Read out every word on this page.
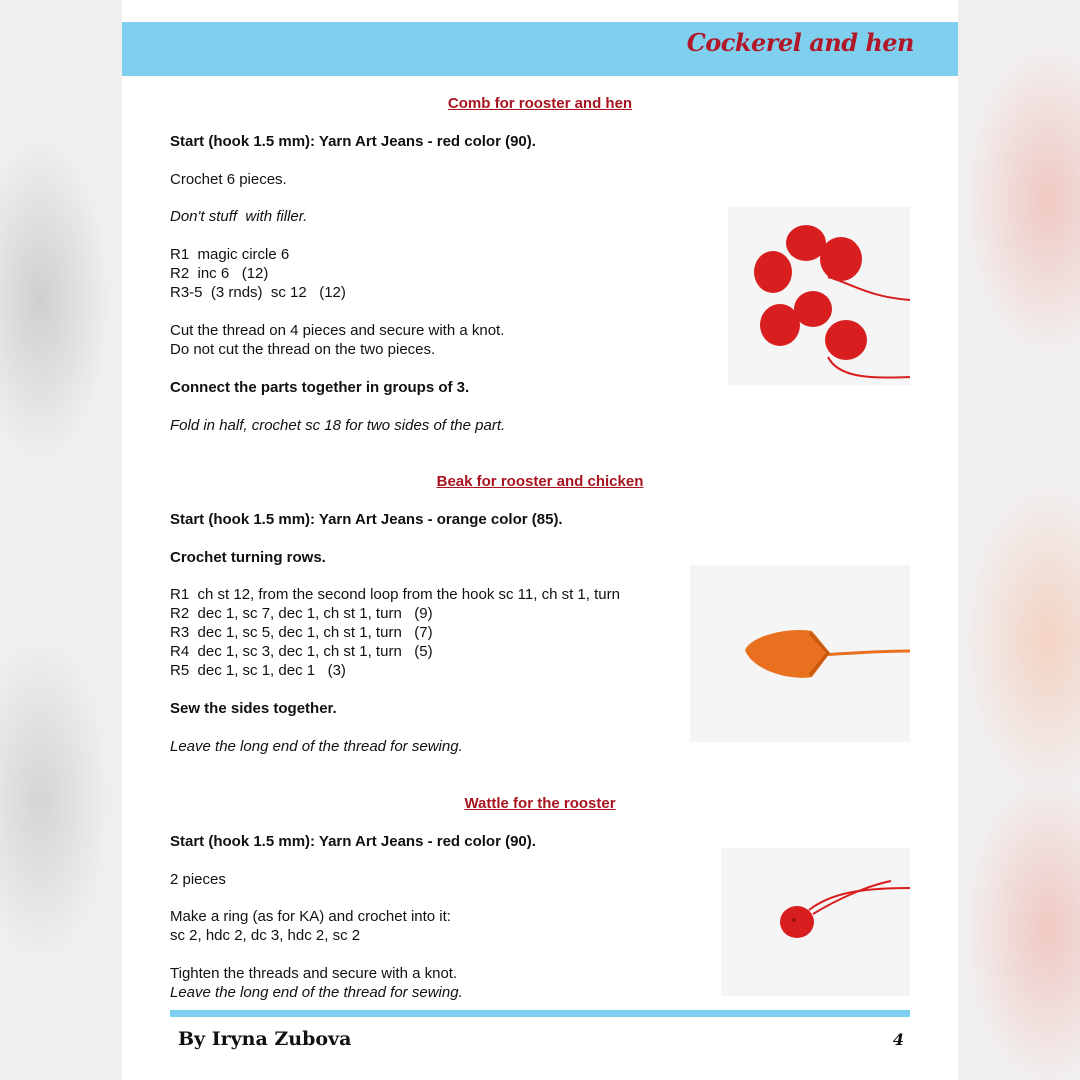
Cockerel and hen
Comb for rooster and hen
Start (hook 1.5 mm): Yarn Art Jeans - red color (90).
Crochet 6 pieces.
Don't stuff  with filler.
R1  magic circle 6
R2  inc 6   (12)
R3-5  (3 rnds)  sc 12   (12)
Cut the thread on 4 pieces and secure with a knot.
Do not cut the thread on the two pieces.
Connect the parts together in groups of 3.
Fold in half, crochet sc 18 for two sides of the part.
Beak for rooster and chicken
Start (hook 1.5 mm): Yarn Art Jeans - orange color (85).
Crochet turning rows.
R1  ch st 12, from the second loop from the hook sc 11, ch st 1, turn
R2  dec 1, sc 7, dec 1, ch st 1, turn   (9)
R3  dec 1, sc 5, dec 1, ch st 1, turn   (7)
R4  dec 1, sc 3, dec 1, ch st 1, turn   (5)
R5  dec 1, sc 1, dec 1   (3)
Sew the sides together.
Leave the long end of the thread for sewing.
Wattle for the rooster
Start (hook 1.5 mm): Yarn Art Jeans - red color (90).
2 pieces
Make a ring (as for KA) and crochet into it:
sc 2, hdc 2, dc 3, hdc 2, sc 2
Tighten the threads and secure with a knot.
Leave the long end of the thread for sewing.
By Iryna Zubova	4
